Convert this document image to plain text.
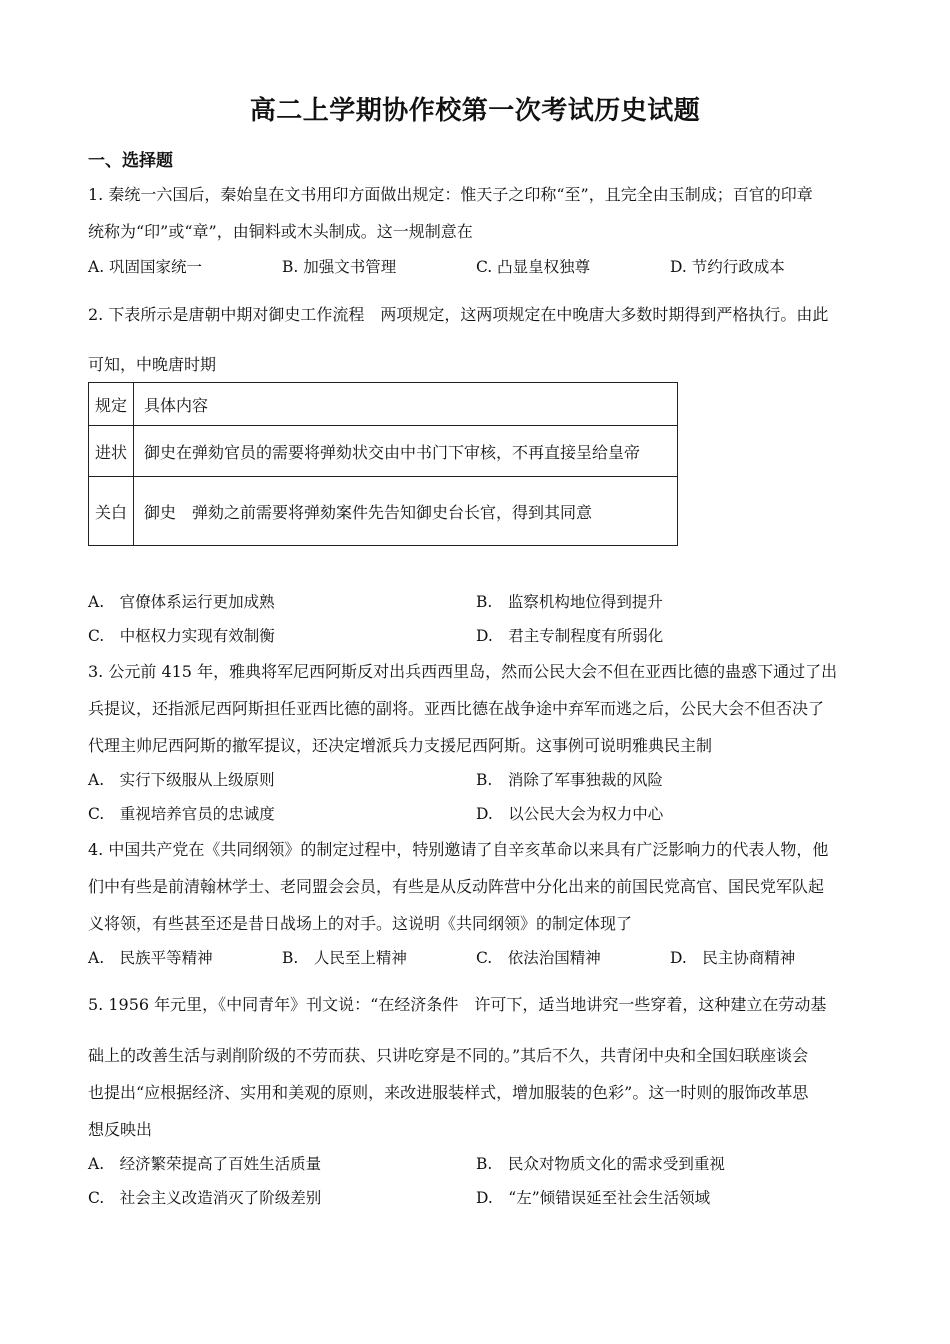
高二上学期协作校第一次考试历史试题
一、选择题
1. 秦统一六国后，秦始皇在文书用印方面做出规定：惟天子之印称“至”，且完全由玉制成；百官的印章
统称为“印”或“章”，由铜料或木头制成。这一规制意在
A. 巩固国家统一	B. 加强文书管理	C. 凸显皇权独尊	D. 节约行政成本
2. 下表所示是唐朝中期对御史工作流程　两项规定，这两项规定在中晚唐大多数时期得到严格执行。由此
可知，中晚唐时期
规定	具体内容
进状	御史在弹劾官员的需要将弹劾状交由中书门下审核，不再直接呈给皇帝
关白	御史　弹劾之前需要将弹劾案件先告知御史台长官，得到其同意
A.　官僚体系运行更加成熟	B.　监察机构地位得到提升
C.　中枢权力实现有效制衡	D.　君主专制程度有所弱化
3. 公元前 415 年，雅典将军尼西阿斯反对出兵西西里岛，然而公民大会不但在亚西比德的蛊惑下通过了出
兵提议，还指派尼西阿斯担任亚西比德的副将。亚西比德在战争途中弃军而逃之后，公民大会不但否决了
代理主帅尼西阿斯的撤军提议，还决定增派兵力支援尼西阿斯。这事例可说明雅典民主制
A.　实行下级服从上级原则	B.　消除了军事独裁的风险
C.　重视培养官员的忠诚度	D.　以公民大会为权力中心
4. 中国共产党在《共同纲领》的制定过程中，特别邀请了自辛亥革命以来具有广泛影响力的代表人物，他
们中有些是前清翰林学士、老同盟会会员，有些是从反动阵营中分化出来的前国民党高官、国民党军队起
义将领，有些甚至还是昔日战场上的对手。这说明《共同纲领》的制定体现了
A.　民族平等精神	B.　人民至上精神	C.　依法治国精神	D.　民主协商精神
5. 1956 年元里，《中同青年》刊文说：“在经济条件　许可下，适当地讲究一些穿着，这种建立在劳动基
础上的改善生活与剥削阶级的不劳而获、只讲吃穿是不同的。”其后不久，共青闭中央和全国妇联座谈会
也提出“应根据经济、实用和美观的原则，来改进服装样式，增加服装的色彩”。这一时则的服饰改革思
想反映出
A.　经济繁荣提高了百姓生活质量	B.　民众对物质文化的需求受到重视
C.　社会主义改造消灭了阶级差别	D.　“左”倾错误延至社会生活领域
